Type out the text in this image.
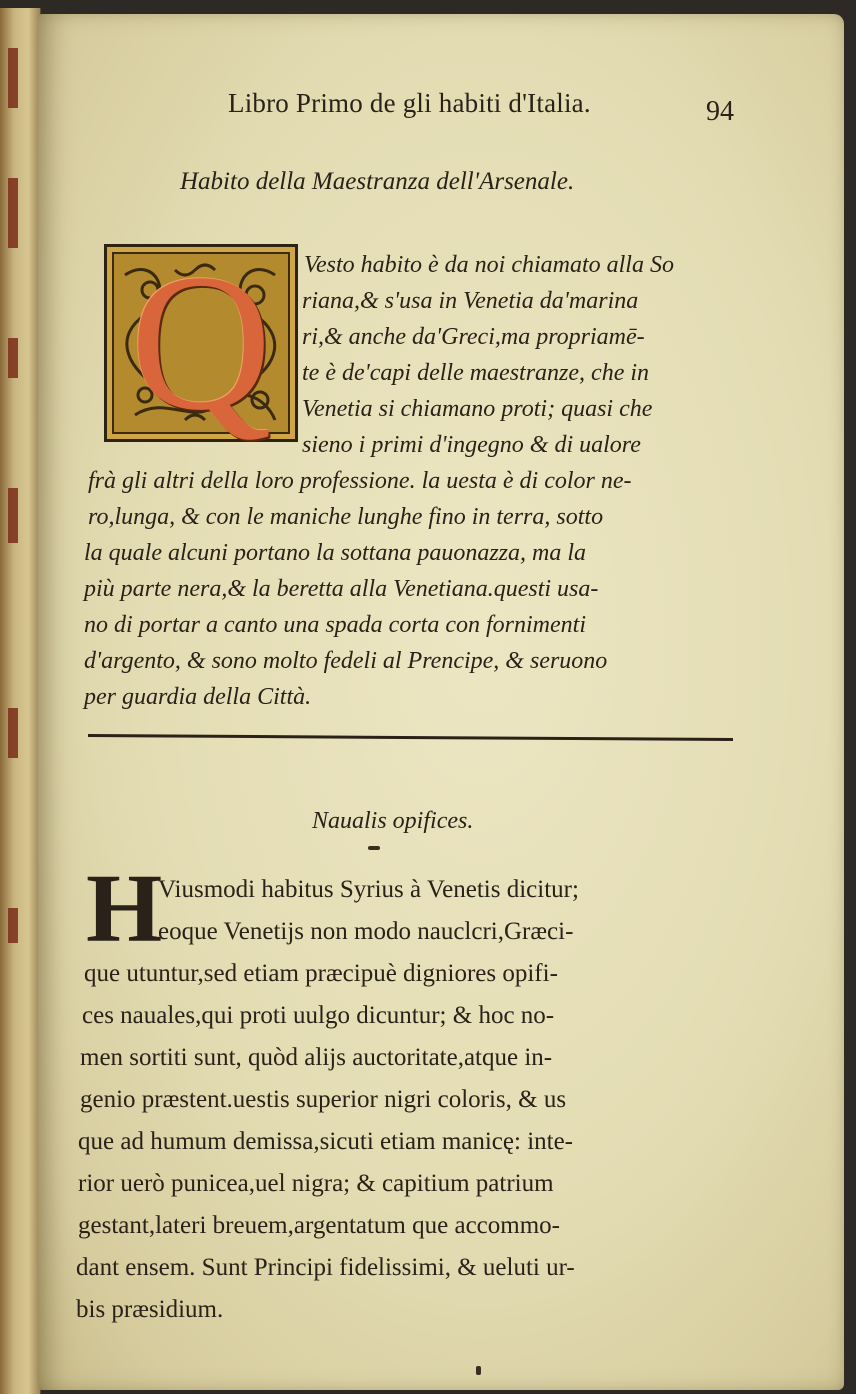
Libro Primo de gli habiti d'Italia.	94
Habito della Maestranza dell'Arsenale.
Q	Vesto habito è da noi chiamato alla So
riana,& s'usa in Venetia da'marina
ri,& anche da'Greci,ma propriamē-
te è de'capi delle maestranze, che in
Venetia si chiamano proti; quasi che
sieno i primi d'ingegno & di ualore
frà gli altri della loro professione. la uesta è di color ne-
ro,lunga, & con le maniche lunghe fino in terra, sotto
la quale alcuni portano la sottana pauonazza, ma la
più parte nera,& la beretta alla Venetiana.questi usa-
no di portar a canto una spada corta con fornimenti
d'argento, & sono molto fedeli al Prencipe, & seruono
per guardia della Città.
Naualis opifices.
H
Viusmodi habitus Syrius à Venetis dicitur;
eoque Venetijs non modo nauclcri,Græci-
que utuntur,sed etiam præcipuè digniores opifi-
ces nauales,qui proti uulgo dicuntur; & hoc no-
men sortiti sunt, quòd alijs auctoritate,atque in-
genio præstent.uestis superior nigri coloris, & us
que ad humum demissa,sicuti etiam manicę: inte-
rior uerò punicea,uel nigra; & capitium patrium
gestant,lateri breuem,argentatum que accommo-
dant ensem. Sunt Principi fidelissimi, & ueluti ur-
bis præsidium.
